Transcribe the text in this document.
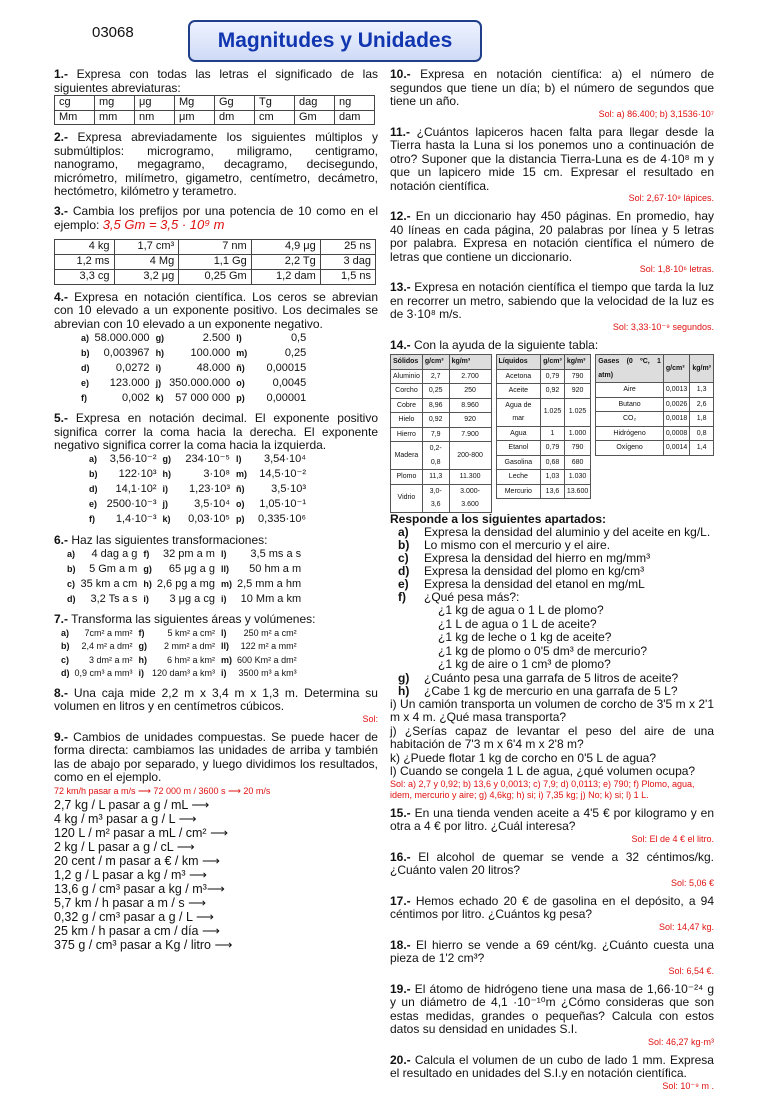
03068	Magnitudes y Unidades
1.- Expresa con todas las letras el significado de las siguientes abreviaturas:
cg	mg	μg	Mg	Gg	Tg	dag	ng
Mm	mm	nm	μm	dm	cm	Gm	dam
2.- Expresa abreviadamente los siguientes múltiplos y submúltiplos: microgramo, miligramo, centigramo, nanogramo, megagramo, decagramo, decisegundo, micrómetro, milímetro, gigametro, centímetro, decámetro, hectómetro, kilómetro y terametro.
3.- Cambia los prefijos por una potencia de 10 como en el ejemplo: 3,5 Gm = 3,5 · 10⁹ m
4 kg	1,7 cm³	7 nm	4,9 μg	25 ns
1,2 ms	4 Mg	1,1 Gg	2,2 Tg	3 dag
3,3 cg	3,2 μg	0,25 Gm	1,2 dam	1,5 ns
4.- Expresa en notación científica. Los ceros se abrevian con 10 elevado a un exponente positivo. Los decimales se abrevian con 10 elevado a un exponente negativo.
a)	58.000.000	g)	2.500	l)	0,5
b)	0,003967	h)	100.000	m)	0,25
d)	0,0272	i)	48.000	ñ)	0,00015
e)	123.000	j)	350.000.000	o)	0,0045
f)	0,002	k)	57 000 000	p)	0,00001
5.- Expresa en notación decimal. El exponente positivo significa correr la coma hacia la derecha. El exponente negativo significa correr la coma hacia la izquierda.
a)	3,56·10⁻²	g)	234·10⁻⁵	l)	3,54·10⁴
b)	122·10³	h)	3·10⁸	m)	14,5·10⁻²
d)	14,1·10²	i)	1,23·10³	ñ)	3,5·10³
e)	2500·10⁻³	j)	3,5·10⁴	o)	1,05·10⁻¹
f)	1,4·10⁻³	k)	0,03·10⁵	p)	0,335·10⁶
6.- Haz las siguientes transformaciones:
a)	4 dag a g	f)	32 pm a m	l)	3,5 ms a s
b)	5 Gm a m	g)	65 μg a g	ll)	50 hm a m
c)	35 km a cm	h)	2,6 pg a mg	m)	2,5 mm a hm
d)	3,2 Ts a s	i)	3 μg a cg	i)	10 Mm a km
7.- Transforma las siguientes áreas y volúmenes:
a)	7cm² a mm²	f)	5 km² a cm²	l)	250 m² a cm²
b)	2,4 m² a dm²	g)	2 mm² a dm²	ll)	122 m² a mm²
c)	3 dm² a m²	h)	6 hm² a km²	m)	600 Km² a dm²
d)	0,9 cm³ a mm³	i)	120 dam³ a km³	i)	3500 m³ a km³
8.- Una caja mide 2,2 m x 3,4 m x 1,3 m. Determina su volumen en litros y en centímetros cúbicos.
Sol:
9.- Cambios de unidades compuestas. Se puede hacer de forma directa: cambiamos las unidades de arriba y también las de abajo por separado, y luego dividimos los resultados, como en el ejemplo.
72 km/h pasar a m/s ⟶ 72 000 m / 3600 s ⟶ 20 m/s
2,7 kg / L pasar a g / mL ⟶
4 kg / m³ pasar a g / L ⟶
120 L / m² pasar a mL / cm² ⟶
2 kg / L pasar a g / cL ⟶
20 cent / m pasar a € / km ⟶
1,2 g / L pasar a kg / m³ ⟶
13,6 g / cm³ pasar a kg / m³⟶
5,7 km / h pasar a m / s ⟶
0,32 g / cm³ pasar a g / L ⟶
25 km / h pasar a cm / día ⟶
375 g / cm³ pasar a Kg / litro ⟶
10.- Expresa en notación científica: a) el número de segundos que tiene un día; b) el número de segundos que tiene un año.
Sol: a) 86.400; b) 3,1536·10⁷
11.- ¿Cuántos lapiceros hacen falta para llegar desde la Tierra hasta la Luna si los ponemos uno a continuación de otro? Suponer que la distancia Tierra-Luna es de 4·10⁸ m y que un lapicero mide 15 cm. Expresar el resultado en notación científica.
Sol: 2,67·10⁹ lápices.
12.- En un diccionario hay 450 páginas. En promedio, hay 40 líneas en cada página, 20 palabras por línea y 5 letras por palabra. Expresa en notación científica el número de letras que contiene un diccionario.
Sol: 1,8·10⁶ letras.
13.- Expresa en notación científica el tiempo que tarda la luz en recorrer un metro, sabiendo que la velocidad de la luz es de 3·10⁸ m/s.
Sol: 3,33·10⁻⁹ segundos.
14.- Con la ayuda de la siguiente tabla:
Sólidos	g/cm³	kg/m³
Aluminio	2,7	2.700
Corcho	0,25	250
Cobre	8,96	8.960
Hielo	0,92	920
Hierro	7,9	7.900
Madera	0,2-0,8	200-800
Plomo	11,3	11.300
Vidrio	3,0-3,6	3.000-3.600
Líquidos	g/cm³	kg/m³
Acetona	0,79	790
Aceite	0,92	920
Agua de mar	1.025	1.025
Agua	1	1.000
Etanol	0,79	790
Gasolina	0,68	680
Leche	1,03	1.030
Mercurio	13,6	13.600
Gases (0 ºC, 1 atm)	g/cm³	kg/m³
Aire	0,0013	1,3
Butano	0,0026	2,6
CO₂	0,0018	1,8
Hidrógeno	0,0008	0,8
Oxígeno	0,0014	1,4
Responde a los siguientes apartados:
a) Expresa la densidad del aluminio y del aceite en kg/L.
b) Lo mismo con el mercurio y el aire.
c) Expresa la densidad del hierro en mg/mm³
d) Expresa la densidad del plomo en kg/cm³
e) Expresa la densidad del etanol en mg/mL
f) ¿Qué pesa más?:
¿1 kg de agua o 1 L de plomo?
¿1 L de agua o 1 L de aceite?
¿1 kg de leche o 1 kg de aceite?
¿1 kg de plomo o 0'5 dm³ de mercurio?
¿1 kg de aire o 1 cm³ de plomo?
g) ¿Cuánto pesa una garrafa de 5 litros de aceite?
h) ¿Cabe 1 kg de mercurio en una garrafa de 5 L?
i) Un camión transporta un volumen de corcho de 3'5 m x 2'1 m x 4 m. ¿Qué masa transporta?
j) ¿Serías capaz de levantar el peso del aire de una habitación de 7'3 m x 6'4 m x 2'8 m?
k) ¿Puede flotar 1 kg de corcho en 0'5 L de agua?
l) Cuando se congela 1 L de agua, ¿qué volumen ocupa?
Sol: a) 2,7 y 0,92; b) 13,6 y 0,0013; c) 7,9; d) 0,0113; e) 790; f) Plomo, agua, idem, mercurio y aire; g) 4,6kg; h) si; i) 7,35 kg; j) No; k) si; l) 1 L.
15.- En una tienda venden aceite a 4'5 € por kilogramo y en otra a 4 € por litro. ¿Cuál interesa?
Sol: El de 4 € el litro.
16.- El alcohol de quemar se vende a 32 céntimos/kg. ¿Cuánto valen 20 litros?
Sol: 5,06 €
17.- Hemos echado 20 € de gasolina en el depósito, a 94 céntimos por litro. ¿Cuántos kg pesa?
Sol: 14,47 kg.
18.- El hierro se vende a 69 cént/kg. ¿Cuánto cuesta una pieza de 1'2 cm³?
Sol: 6,54 €.
19.- El átomo de hidrógeno tiene una masa de 1,66·10⁻²⁴ g y un diámetro de 4,1 ·10⁻¹⁰m ¿Cómo consideras que son estas medidas, grandes o pequeñas? Calcula con estos datos su densidad en unidades S.I.
Sol: 46,27 kg·m³
20.- Calcula el volumen de un cubo de lado 1 mm. Expresa el resultado en unidades del S.I.y en notación científica.
Sol: 10⁻⁹ m .
